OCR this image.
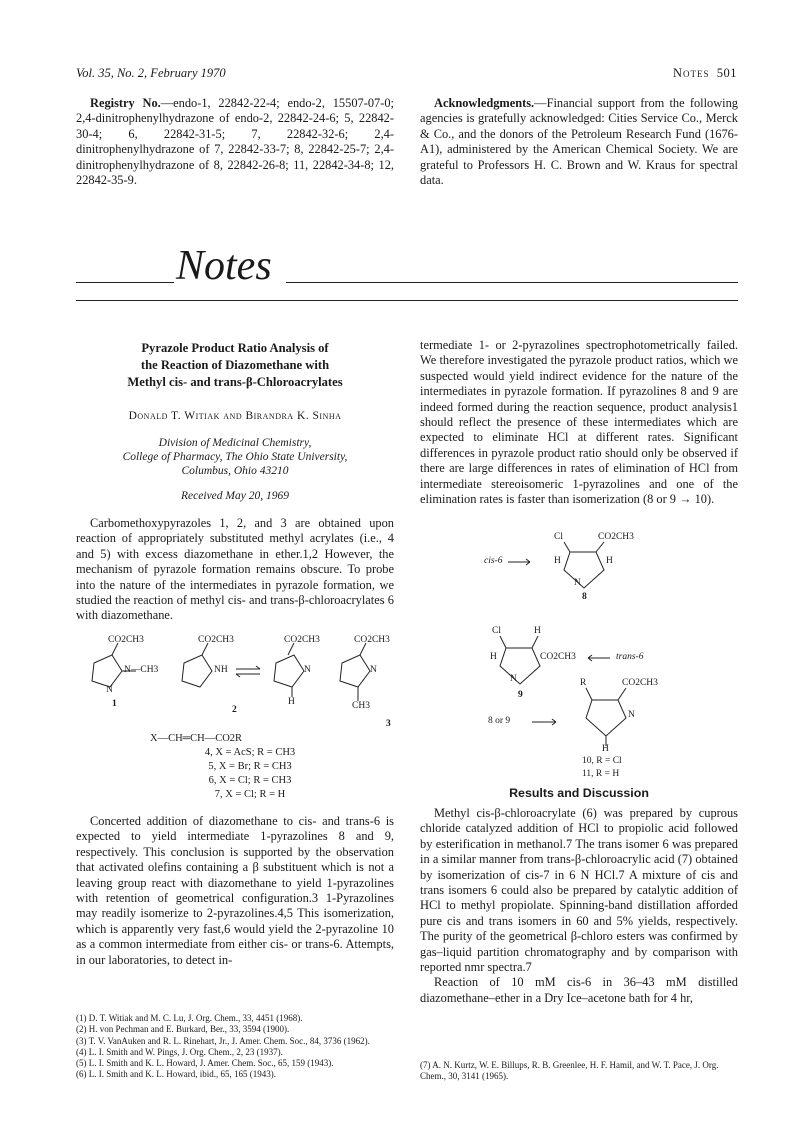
Vol. 35, No. 2, February 1970	Notes 501

Registry No.—endo-1, 22842-22-4; endo-2, 15507-07-0; 2,4-dinitrophenylhydrazone of endo-2, 22842-24-6; 5, 22842-30-4; 6, 22842-31-5; 7, 22842-32-6; 2,4-dinitrophenylhydrazone of 7, 22842-33-7; 8, 22842-25-7; 2,4-dinitrophenylhydrazone of 8, 22842-26-8; 11, 22842-34-8; 12, 22842-35-9.

Acknowledgments.—Financial support from the following agencies is gratefully acknowledged: Cities Service Co., Merck & Co., and the donors of the Petroleum Research Fund (1676-A1), administered by the American Chemical Society. We are grateful to Professors H. C. Brown and W. Kraus for spectral data.

Notes
Pyrazole Product Ratio Analysis of
the Reaction of Diazomethane with
Methyl cis- and trans-β-Chloroacrylates
Donald T. Witiak and Birandra K. Sinha
Division of Medicinal Chemistry,
College of Pharmacy, The Ohio State University,
Columbus, Ohio 43210
Received May 20, 1969

Carbomethoxypyrazoles 1, 2, and 3 are obtained upon reaction of appropriately substituted methyl acrylates (i.e., 4 and 5) with excess diazomethane in ether.1,2 However, the mechanism of pyrazole formation remains obscure. To probe into the nature of the intermediates in pyrazole formation, we studied the reaction of methyl cis- and trans-β-chloroacrylates 6 with diazomethane.

CO2CH3
N—CH3
N
CO2CH3
NH
CO2CH3
N
H
CO2CH3
N
CH3
1
2
3
X—CH═CH—CO2R
4, X = AcS; R = CH3
5, X = Br; R = CH3
6, X = Cl; R = CH3
7, X = Cl; R = H

Concerted addition of diazomethane to cis- and trans-6 is expected to yield intermediate 1-pyrazolines 8 and 9, respectively. This conclusion is supported by the observation that activated olefins containing a β substituent which is not a leaving group react with diazomethane to yield 1-pyrazolines with retention of geometrical configuration.3 1-Pyrazolines may readily isomerize to 2-pyrazolines.4,5 This isomerization, which is apparently very fast,6 would yield the 2-pyrazoline 10 as a common intermediate from either cis- or trans-6. Attempts, in our laboratories, to detect in-

(1) D. T. Witiak and M. C. Lu, J. Org. Chem., 33, 4451 (1968).
(2) H. von Pechman and E. Burkard, Ber., 33, 3594 (1900).
(3) T. V. VanAuken and R. L. Rinehart, Jr., J. Amer. Chem. Soc., 84, 3736 (1962).
(4) L. I. Smith and W. Pings, J. Org. Chem., 2, 23 (1937).
(5) L. I. Smith and K. L. Howard, J. Amer. Chem. Soc., 65, 159 (1943).
(6) L. I. Smith and K. L. Howard, ibid., 65, 165 (1943).

termediate 1- or 2-pyrazolines spectrophotometrically failed. We therefore investigated the pyrazole product ratios, which we suspected would yield indirect evidence for the nature of the intermediates in pyrazole formation. If pyrazolines 8 and 9 are indeed formed during the reaction sequence, product analysis1 should reflect the presence of these intermediates which are expected to eliminate HCl at different rates. Significant differences in pyrazole product ratio should only be observed if there are large differences in rates of elimination of HCl from intermediate stereoisomeric 1-pyrazolines and one of the elimination rates is faster than isomerization (8 or 9 → 10).

cis-6
Cl	CO2CH3
H	H
N
8
Cl	H
H	CO2CH3
N
trans-6
9
R	CO2CH3
N
H
8 or 9
10, R = Cl
11, R = H
Results and Discussion

Methyl cis-β-chloroacrylate (6) was prepared by cuprous chloride catalyzed addition of HCl to propiolic acid followed by esterification in methanol.7 The trans isomer 6 was prepared in a similar manner from trans-β-chloroacrylic acid (7) obtained by isomerization of cis-7 in 6 N HCl.7 A mixture of cis and trans isomers 6 could also be prepared by catalytic addition of HCl to methyl propiolate. Spinning-band distillation afforded pure cis and trans isomers in 60 and 5% yields, respectively. The purity of the geometrical β-chloro esters was confirmed by gas–liquid partition chromatography and by comparison with reported nmr spectra.7

Reaction of 10 mM cis-6 in 36–43 mM distilled diazomethane–ether in a Dry Ice–acetone bath for 4 hr,

(7) A. N. Kurtz, W. E. Billups, R. B. Greenlee, H. F. Hamil, and W. T. Pace, J. Org. Chem., 30, 3141 (1965).
